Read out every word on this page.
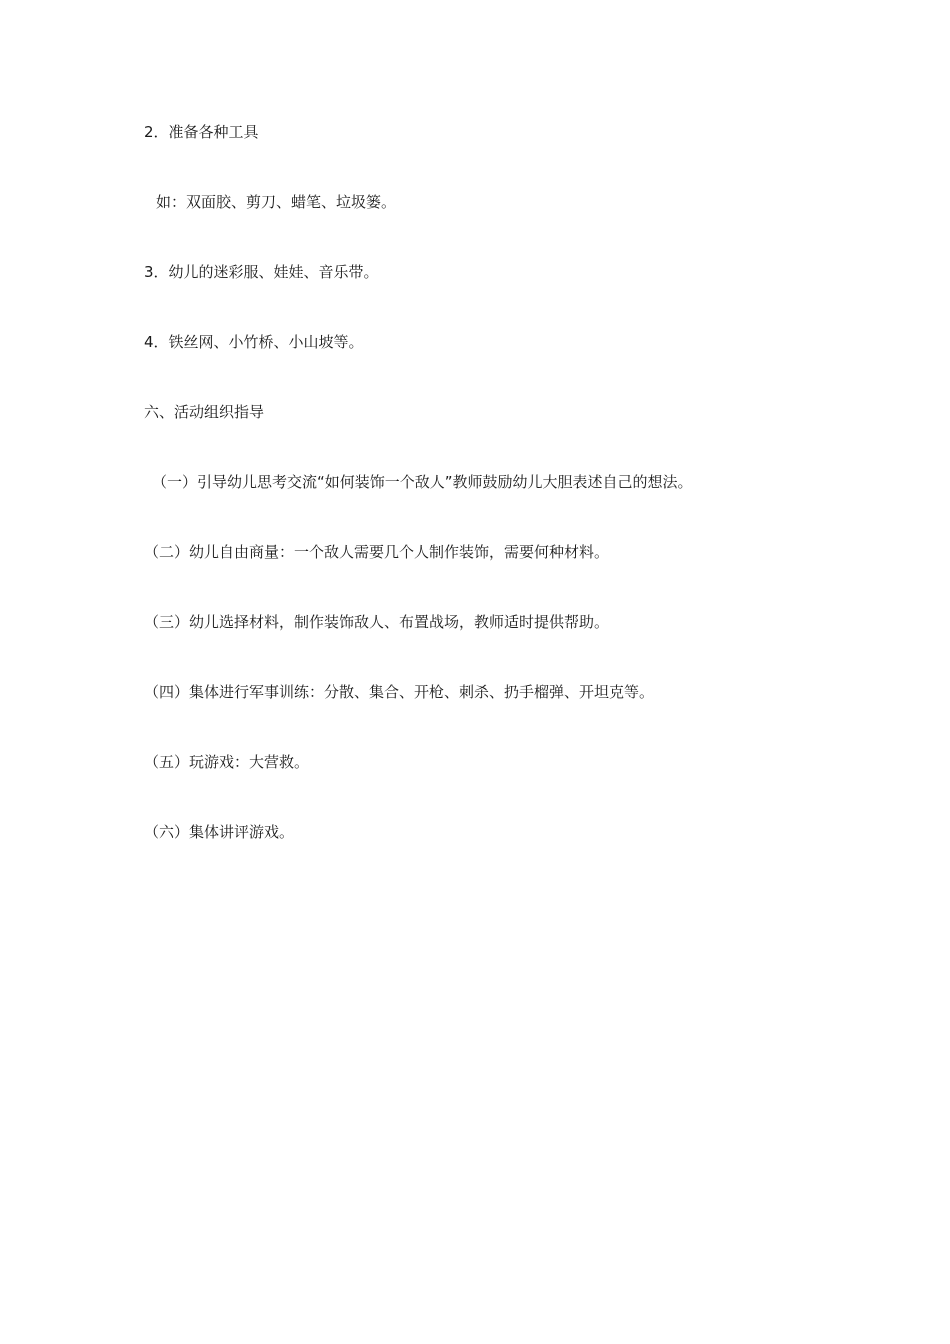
2．准备各种工具
如：双面胶、剪刀、蜡笔、垃圾篓。
3．幼儿的迷彩服、娃娃、音乐带。
4．铁丝网、小竹桥、小山坡等。
六、活动组织指导
（一）引导幼儿思考交流“如何装饰一个敌人”教师鼓励幼儿大胆表述自己的想法。
（二）幼儿自由商量：一个敌人需要几个人制作装饰，需要何种材料。
（三）幼儿选择材料，制作装饰敌人、布置战场，教师适时提供帮助。
（四）集体进行军事训练：分散、集合、开枪、刺杀、扔手榴弹、开坦克等。
（五）玩游戏：大营救。
（六）集体讲评游戏。
